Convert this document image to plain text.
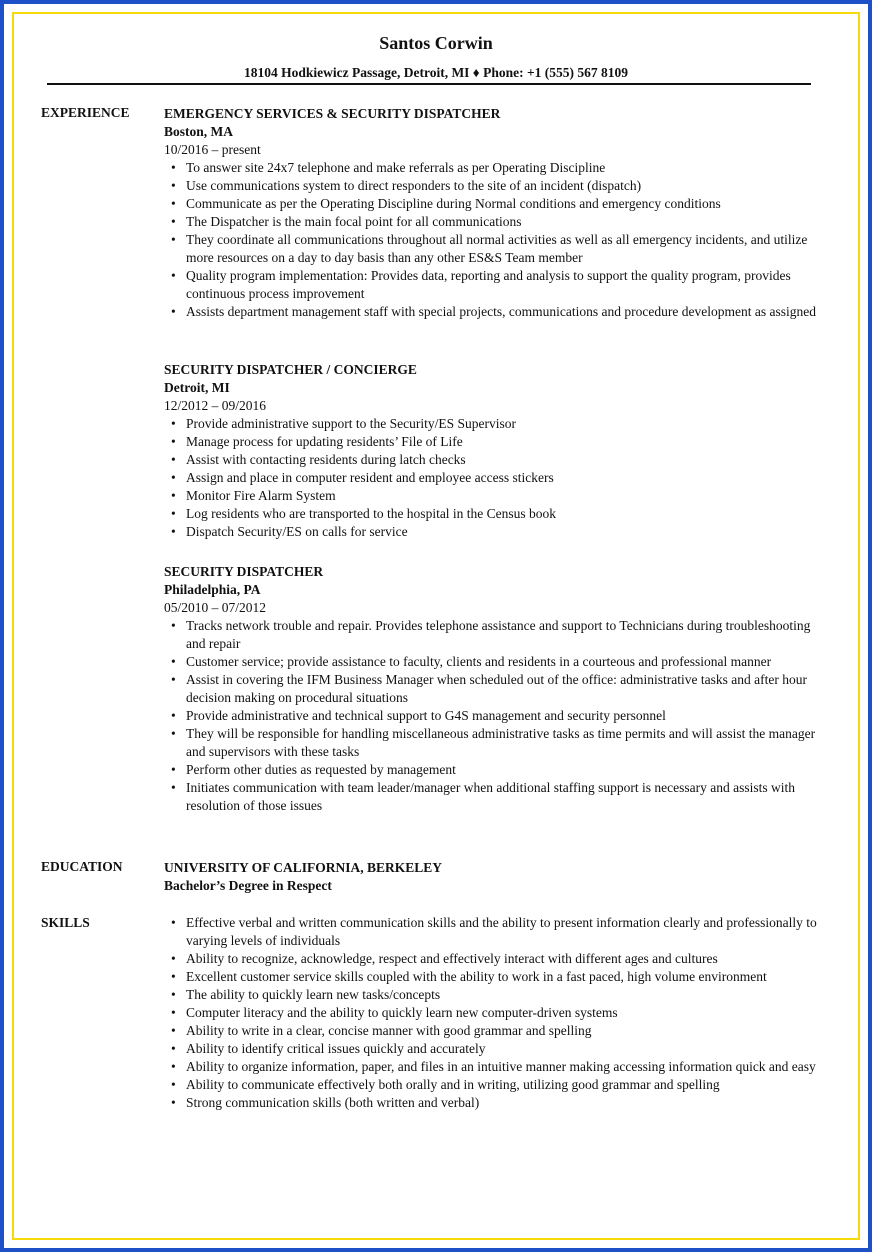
Santos Corwin
18104 Hodkiewicz Passage, Detroit, MI ♦ Phone: +1 (555) 567 8109
EXPERIENCE	EMERGENCY SERVICES & SECURITY DISPATCHER
Boston, MA
10/2016 – present
• To answer site 24x7 telephone and make referrals as per Operating Discipline
• Use communications system to direct responders to the site of an incident (dispatch)
• Communicate as per the Operating Discipline during Normal conditions and emergency conditions
• The Dispatcher is the main focal point for all communications
• They coordinate all communications throughout all normal activities as well as all emergency incidents, and utilize more resources on a day to day basis than any other ES&S Team member
• Quality program implementation: Provides data, reporting and analysis to support the quality program, provides continuous process improvement
• Assists department management staff with special projects, communications and procedure development as assigned
SECURITY DISPATCHER / CONCIERGE
Detroit, MI
12/2012 – 09/2016
• Provide administrative support to the Security/ES Supervisor
• Manage process for updating residents’ File of Life
• Assist with contacting residents during latch checks
• Assign and place in computer resident and employee access stickers
• Monitor Fire Alarm System
• Log residents who are transported to the hospital in the Census book
• Dispatch Security/ES on calls for service
SECURITY DISPATCHER
Philadelphia, PA
05/2010 – 07/2012
• Tracks network trouble and repair. Provides telephone assistance and support to Technicians during troubleshooting and repair
• Customer service; provide assistance to faculty, clients and residents in a courteous and professional manner
• Assist in covering the IFM Business Manager when scheduled out of the office: administrative tasks and after hour decision making on procedural situations
• Provide administrative and technical support to G4S management and security personnel
• They will be responsible for handling miscellaneous administrative tasks as time permits and will assist the manager and supervisors with these tasks
• Perform other duties as requested by management
• Initiates communication with team leader/manager when additional staffing support is necessary and assists with resolution of those issues
EDUCATION	UNIVERSITY OF CALIFORNIA, BERKELEY
Bachelor’s Degree in Respect
SKILLS	• Effective verbal and written communication skills and the ability to present information clearly and professionally to varying levels of individuals
• Ability to recognize, acknowledge, respect and effectively interact with different ages and cultures
• Excellent customer service skills coupled with the ability to work in a fast paced, high volume environment
• The ability to quickly learn new tasks/concepts
• Computer literacy and the ability to quickly learn new computer-driven systems
• Ability to write in a clear, concise manner with good grammar and spelling
• Ability to identify critical issues quickly and accurately
• Ability to organize information, paper, and files in an intuitive manner making accessing information quick and easy
• Ability to communicate effectively both orally and in writing, utilizing good grammar and spelling
• Strong communication skills (both written and verbal)
